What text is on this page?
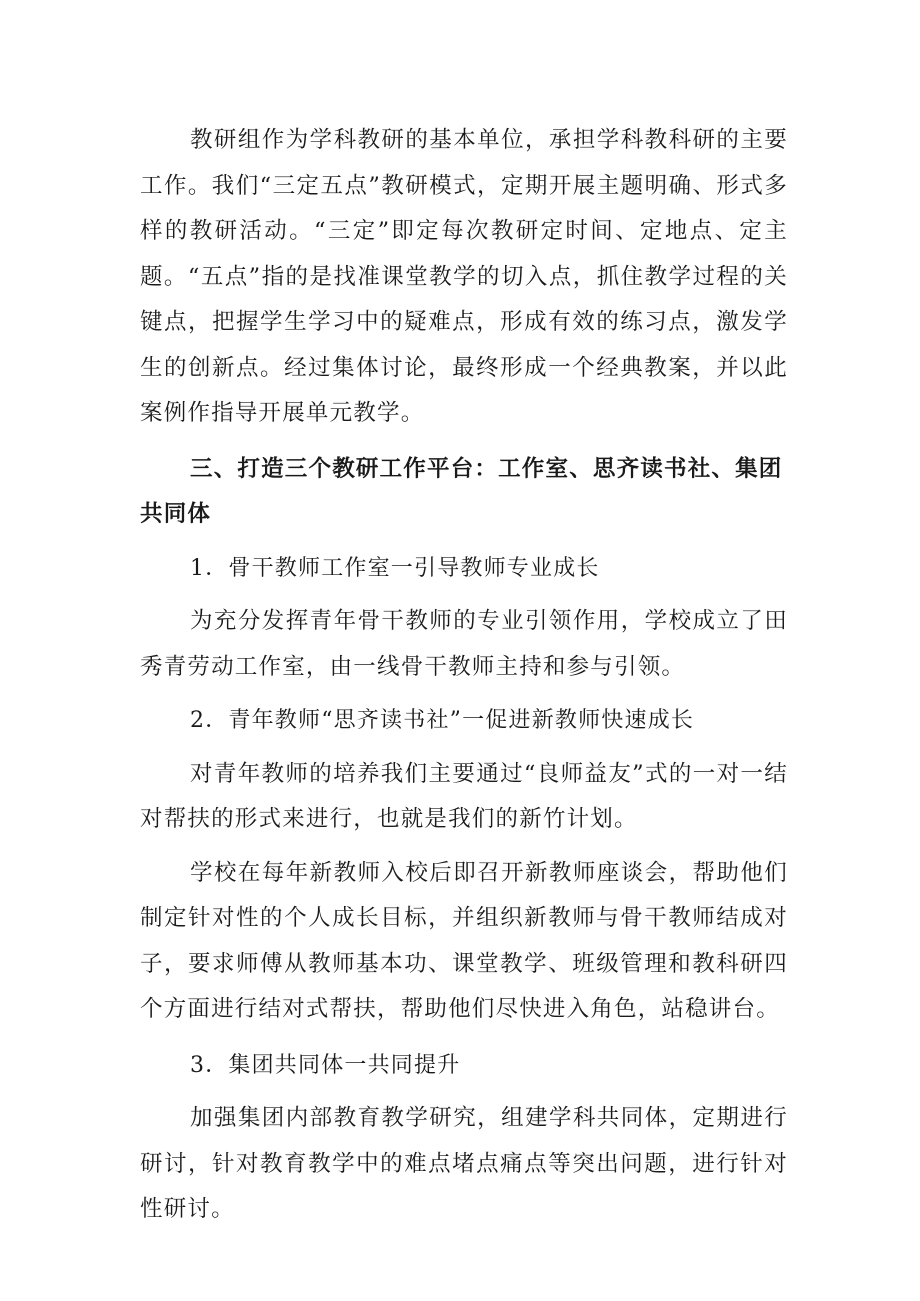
教研组作为学科教研的基本单位，承担学科教科研的主要工作。我们“三定五点”教研模式，定期开展主题明确、形式多样的教研活动。“三定”即定每次教研定时间、定地点、定主题。“五点”指的是找准课堂教学的切入点，抓住教学过程的关键点，把握学生学习中的疑难点，形成有效的练习点，激发学生的创新点。经过集体讨论，最终形成一个经典教案，并以此案例作指导开展单元教学。

三、打造三个教研工作平台：工作室、思齐读书社、集团共同体

1．骨干教师工作室一引导教师专业成长

为充分发挥青年骨干教师的专业引领作用，学校成立了田秀青劳动工作室，由一线骨干教师主持和参与引领。

2．青年教师“思齐读书社”一促进新教师快速成长

对青年教师的培养我们主要通过“良师益友”式的一对一结对帮扶的形式来进行，也就是我们的新竹计划。

学校在每年新教师入校后即召开新教师座谈会，帮助他们制定针对性的个人成长目标，并组织新教师与骨干教师结成对子，要求师傅从教师基本功、课堂教学、班级管理和教科研四个方面进行结对式帮扶，帮助他们尽快进入角色，站稳讲台。

3．集团共同体一共同提升

加强集团内部教育教学研究，组建学科共同体，定期进行研讨，针对教育教学中的难点堵点痛点等突出问题，进行针对性研讨。
